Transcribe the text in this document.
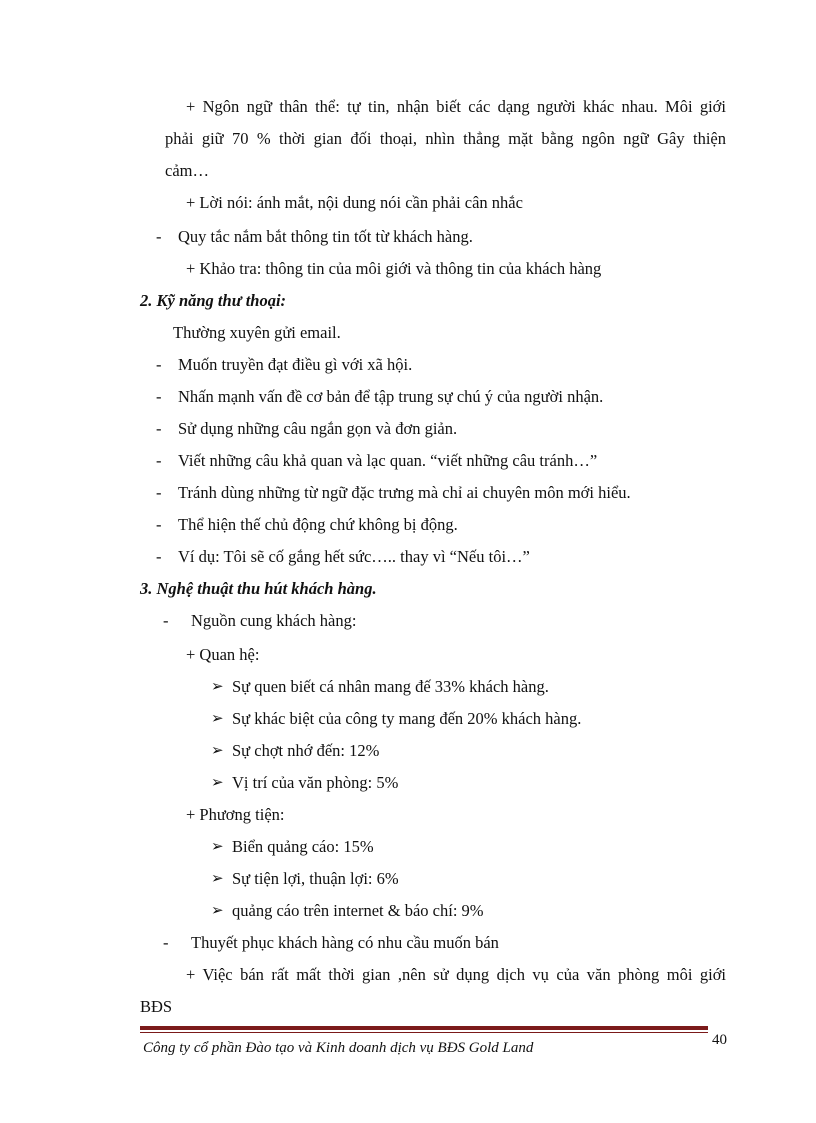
+ Ngôn ngữ thân thể: tự tin, nhận biết các dạng người khác nhau. Môi giới
phải giữ 70 % thời gian đối thoại, nhìn thẳng mặt bằng ngôn ngữ Gây thiện
cảm…
+ Lời nói: ánh mắt, nội dung nói cần phải cân nhắc
- Quy tắc nắm bắt thông tin tốt từ khách hàng.
+ Khảo tra: thông tin của môi giới và thông tin của khách hàng
2. Kỹ năng thư thoại:
Thường xuyên gửi email.
- Muốn truyền đạt điều gì với xã hội.
- Nhấn mạnh vấn đề cơ bản để tập trung sự chú ý của người nhận.
- Sử dụng những câu ngắn gọn và đơn giản.
- Viết những câu khả quan và lạc quan. “viết những câu tránh…”
- Tránh dùng những từ ngữ đặc trưng mà chỉ ai chuyên môn mới hiểu.
- Thể hiện thế chủ động chứ không bị động.
- Ví dụ: Tôi sẽ cố gắng hết sức….. thay vì “Nếu tôi…”
3. Nghệ thuật thu hút khách hàng.
- Nguồn cung khách hàng:
+ Quan hệ:
➢ Sự quen biết cá nhân mang đế 33% khách hàng.
➢ Sự khác biệt của công ty mang đến 20% khách hàng.
➢ Sự chợt nhớ đến: 12%
➢ Vị trí của văn phòng: 5%
+ Phương tiện:
➢ Biển quảng cáo: 15%
➢ Sự tiện lợi, thuận lợi: 6%
➢ quảng cáo trên internet & báo chí: 9%
- Thuyết phục khách hàng có nhu cầu muốn bán
+ Việc bán rất mất thời gian ,nên sử dụng dịch vụ của văn phòng môi giới
BĐS
40
Công ty cổ phần Đào tạo và Kinh doanh dịch vụ BĐS Gold Land
